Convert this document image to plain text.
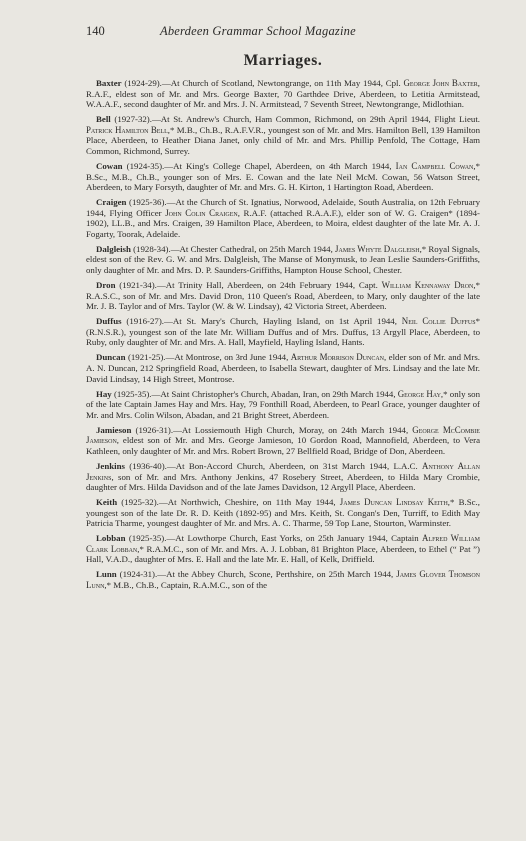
140	Aberdeen Grammar School Magazine
Marriages.

Baxter (1924-29).—At Church of Scotland, Newtongrange, on 11th May 1944, Cpl. George John Baxter, R.A.F., eldest son of Mr. and Mrs. George Baxter, 70 Garthdee Drive, Aberdeen, to Letitia Armitstead, W.A.A.F., second daughter of Mr. and Mrs. J. N. Armitstead, 7 Seventh Street, Newtongrange, Midlothian.

Bell (1927-32).—At St. Andrew's Church, Ham Common, Richmond, on 29th April 1944, Flight Lieut. Patrick Hamilton Bell,* M.B., Ch.B., R.A.F.V.R., youngest son of Mr. and Mrs. Hamilton Bell, 139 Hamilton Place, Aberdeen, to Heather Diana Janet, only child of Mr. and Mrs. Phillip Penfold, The Cottage, Ham Common, Richmond, Surrey.

Cowan (1924-35).—At King's College Chapel, Aberdeen, on 4th March 1944, Ian Campbell Cowan,* B.Sc., M.B., Ch.B., younger son of Mrs. E. Cowan and the late Neil McM. Cowan, 56 Watson Street, Aberdeen, to Mary Forsyth, daughter of Mr. and Mrs. G. H. Kirton, 1 Hartington Road, Aberdeen.

Craigen (1925-36).—At the Church of St. Ignatius, Norwood, Adelaide, South Australia, on 12th February 1944, Flying Officer John Colin Craigen, R.A.F. (attached R.A.A.F.), elder son of W. G. Craigen* (1894-1902), LL.B., and Mrs. Craigen, 39 Hamilton Place, Aberdeen, to Moira, eldest daughter of the late Mr. A. J. Fogarty, Toorak, Adelaide.

Dalgleish (1928-34).—At Chester Cathedral, on 25th March 1944, James Whyte Dalgleish,* Royal Signals, eldest son of the Rev. G. W. and Mrs. Dalgleish, The Manse of Monymusk, to Jean Leslie Saunders-Griffiths, only daughter of Mr. and Mrs. D. P. Saunders-Griffiths, Hampton House School, Chester.

Dron (1921-34).—At Trinity Hall, Aberdeen, on 24th February 1944, Capt. William Kennaway Dron,* R.A.S.C., son of Mr. and Mrs. David Dron, 110 Queen's Road, Aberdeen, to Mary, only daughter of the late Mr. J. B. Taylor and of Mrs. Taylor (W. & W. Lindsay), 42 Victoria Street, Aberdeen.

Duffus (1916-27).—At St. Mary's Church, Hayling Island, on 1st April 1944, Neil Collie Duffus* (R.N.S.R.), youngest son of the late Mr. William Duffus and of Mrs. Duffus, 13 Argyll Place, Aberdeen, to Ruby, only daughter of Mr. and Mrs. A. Hall, Mayfield, Hayling Island, Hants.

Duncan (1921-25).—At Montrose, on 3rd June 1944, Arthur Morrison Duncan, elder son of Mr. and Mrs. A. N. Duncan, 212 Springfield Road, Aberdeen, to Isabella Stewart, daughter of Mrs. Lindsay and the late Mr. David Lindsay, 14 High Street, Montrose.

Hay (1925-35).—At Saint Christopher's Church, Abadan, Iran, on 29th March 1944, George Hay,* only son of the late Captain James Hay and Mrs. Hay, 79 Fonthill Road, Aberdeen, to Pearl Grace, younger daughter of Mr. and Mrs. Colin Wilson, Abadan, and 21 Bright Street, Aberdeen.

Jamieson (1926-31).—At Lossiemouth High Church, Moray, on 24th March 1944, George McCombie Jamieson, eldest son of Mr. and Mrs. George Jamieson, 10 Gordon Road, Mannofield, Aberdeen, to Vera Kathleen, only daughter of Mr. and Mrs. Robert Brown, 27 Bellfield Road, Bridge of Don, Aberdeen.

Jenkins (1936-40).—At Bon-Accord Church, Aberdeen, on 31st March 1944, L.A.C. Anthony Allan Jenkins, son of Mr. and Mrs. Anthony Jenkins, 47 Rosebery Street, Aberdeen, to Hilda Mary Crombie, daughter of Mrs. Hilda Davidson and of the late James Davidson, 12 Argyll Place, Aberdeen.

Keith (1925-32).—At Northwich, Cheshire, on 11th May 1944, James Duncan Lindsay Keith,* B.Sc., youngest son of the late Dr. R. D. Keith (1892-95) and Mrs. Keith, St. Congan's Den, Turriff, to Edith May Patricia Tharme, youngest daughter of Mr. and Mrs. A. C. Tharme, 59 Top Lane, Stourton, Warminster.

Lobban (1925-35).—At Lowthorpe Church, East Yorks, on 25th January 1944, Captain Alfred William Clark Lobban,* R.A.M.C., son of Mr. and Mrs. A. J. Lobban, 81 Brighton Place, Aberdeen, to Ethel (“ Pat ”) Hall, V.A.D., daughter of Mrs. E. Hall and the late Mr. E. Hall, of Kelk, Driffield.

Lunn (1924-31).—At the Abbey Church, Scone, Perthshire, on 25th March 1944, James Glover Thomson Lunn,* M.B., Ch.B., Captain, R.A.M.C., son of the
